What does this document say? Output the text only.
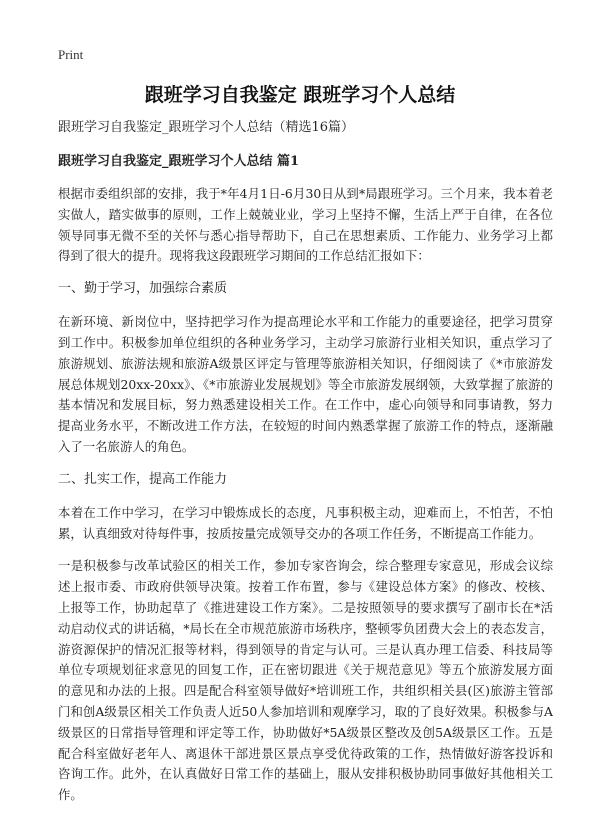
Print
跟班学习自我鉴定 跟班学习个人总结

跟班学习自我鉴定_跟班学习个人总结（精选16篇）

跟班学习自我鉴定_跟班学习个人总结 篇1

根据市委组织部的安排，我于*年4月1日-6月30日从到*局跟班学习。三个月来，我本着老实做人，踏实做事的原则，工作上兢兢业业，学习上坚持不懈，生活上严于自律，在各位领导同事无微不至的关怀与悉心指导帮助下，自己在思想素质、工作能力、业务学习上都得到了很大的提升。现将我这段跟班学习期间的工作总结汇报如下：

一、勤于学习，加强综合素质

在新环境、新岗位中，坚持把学习作为提高理论水平和工作能力的重要途径，把学习贯穿到工作中。积极参加单位组织的各种业务学习，主动学习旅游行业相关知识，重点学习了旅游规划、旅游法规和旅游A级景区评定与管理等旅游相关知识，仔细阅读了《*市旅游发展总体规划20xx-20xx》、《*市旅游业发展规划》等全市旅游发展纲领，大致掌握了旅游的基本情况和发展目标，努力熟悉建设相关工作。在工作中，虚心向领导和同事请教，努力提高业务水平，不断改进工作方法，在较短的时间内熟悉掌握了旅游工作的特点，逐渐融入了一名旅游人的角色。

二、扎实工作，提高工作能力

本着在工作中学习，在学习中锻炼成长的态度，凡事积极主动，迎难而上，不怕苦，不怕累，认真细致对待每件事，按质按量完成领导交办的各项工作任务，不断提高工作能力。

一是积极参与改革试验区的相关工作，参加专家咨询会，综合整理专家意见，形成会议综述上报市委、市政府供领导决策。按着工作布置，参与《建设总体方案》的修改、校核、上报等工作，协助起草了《推进建设工作方案》。二是按照领导的要求撰写了副市长在*活动启动仪式的讲话稿，*局长在全市规范旅游市场秩序，整顿零负团费大会上的表态发言，游资源保护的情况汇报等材料，得到领导的肯定与认可。三是认真办理工信委、科技局等单位专项规划征求意见的回复工作，正在密切跟进《关于规范意见》等五个旅游发展方面的意见和办法的上报。四是配合科室领导做好*培训班工作，共组织相关县(区)旅游主管部门和创A级景区相关工作负责人近50人参加培训和观摩学习，取的了良好效果。积极参与A级景区的日常指导管理和评定等工作，协助做好*5A级景区整改及创5A级景区工作。五是配合科室做好老年人、离退休干部进景区景点享受优待政策的工作，热情做好游客投诉和咨询工作。此外，在认真做好日常工作的基础上，服从安排积极协助同事做好其他相关工作。
